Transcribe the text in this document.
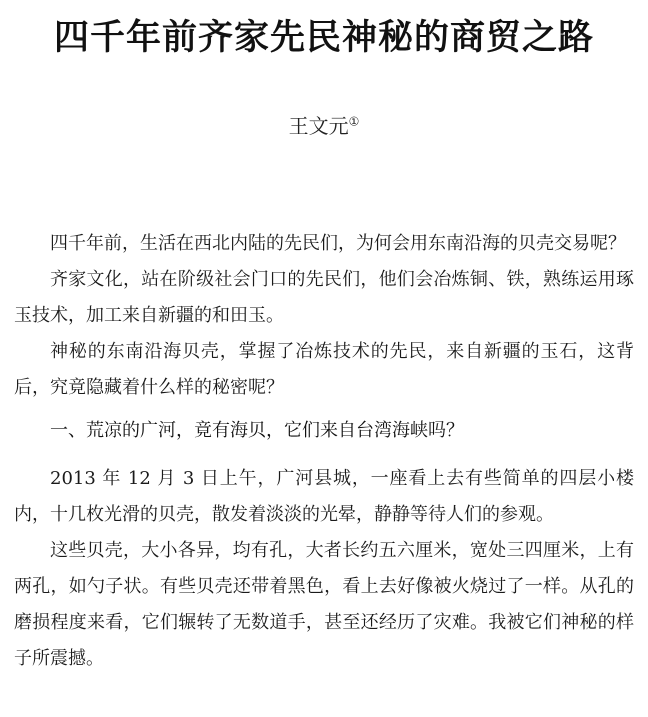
四千年前齐家先民神秘的商贸之路
王文元①

四千年前，生活在西北内陆的先民们，为何会用东南沿海的贝壳交易呢？

齐家文化，站在阶级社会门口的先民们，他们会冶炼铜、铁，熟练运用琢玉技术，加工来自新疆的和田玉。

神秘的东南沿海贝壳，掌握了冶炼技术的先民，来自新疆的玉石，这背后，究竟隐藏着什么样的秘密呢？

一、荒凉的广河，竟有海贝，它们来自台湾海峡吗？

2013 年 12 月 3 日上午，广河县城，一座看上去有些简单的四层小楼内，十几枚光滑的贝壳，散发着淡淡的光晕，静静等待人们的参观。

这些贝壳，大小各异，均有孔，大者长约五六厘米，宽处三四厘米，上有两孔，如勺子状。有些贝壳还带着黑色，看上去好像被火烧过了一样。从孔的磨损程度来看，它们辗转了无数道手，甚至还经历了灾难。我被它们神秘的样子所震撼。
